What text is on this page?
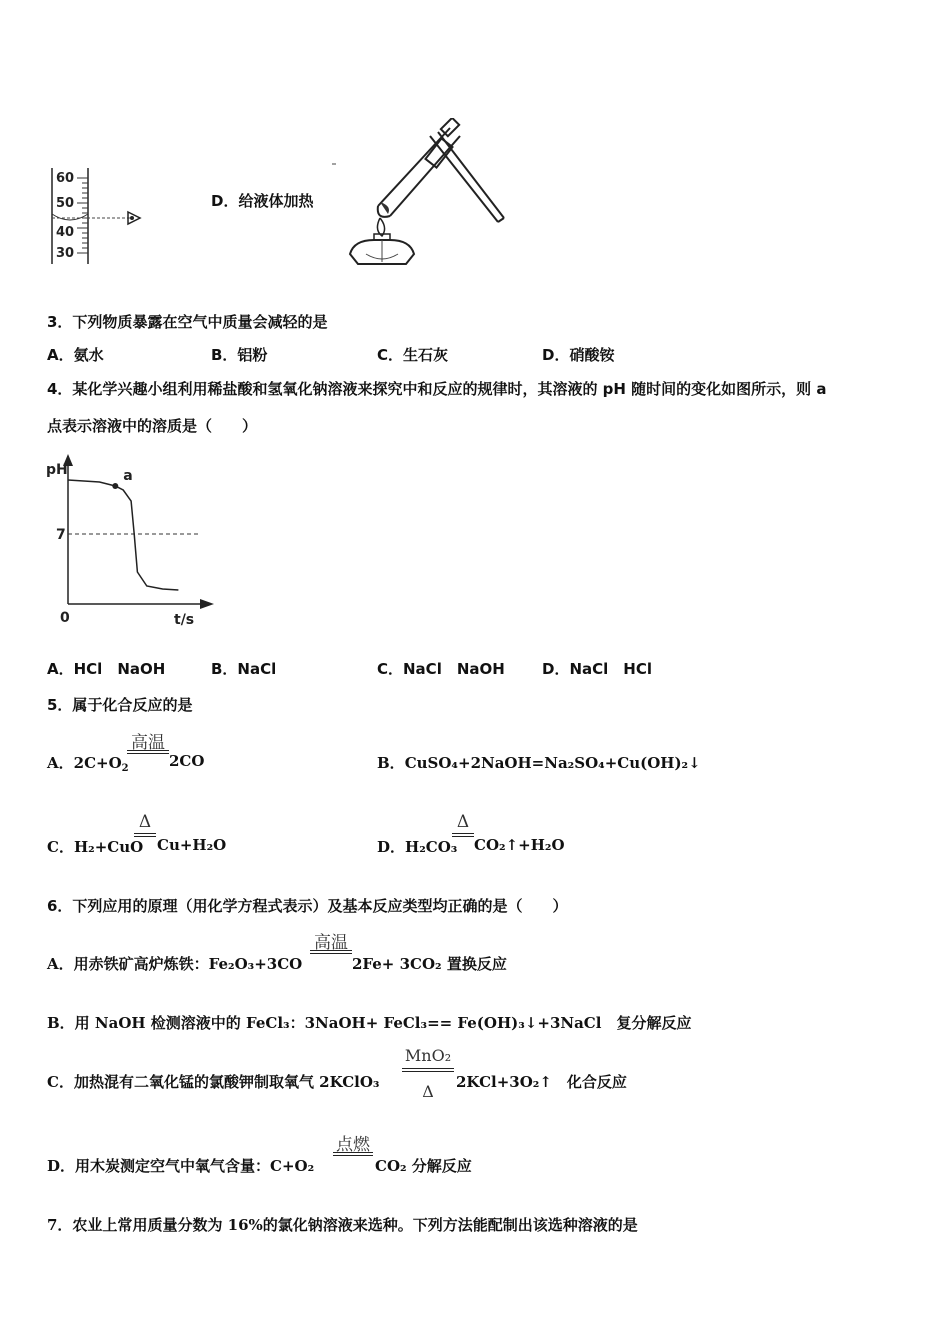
60
50
40
30
D．给液体加热
3．下列物质暴露在空气中质量会减轻的是
A．氨水	B．铝粉	C．生石灰	D．硝酸铵
4．某化学兴趣小组利用稀盐酸和氢氧化钠溶液来探究中和反应的规律时，其溶液的 pH 随时间的变化如图所示，则 a
点表示溶液中的溶质是（　　）
a
pH
7
0	t/s
A．HCl　NaOH	B．NaCl	C．NaCl　NaOH D．NaCl　HCl
5．属于化合反应的是
A．$2C+O_2$
高温
2CO	B．CuSO₄+2NaOH=Na₂SO₄+Cu(OH)₂↓
C．H₂+CuO
Δ
Cu+H₂O	D．H₂CO₃
Δ
CO₂↑+H₂O
6．下列应用的原理（用化学方程式表示）及基本反应类型均正确的是（　　）
A．用赤铁矿高炉炼铁：Fe₂O₃+3CO
高温
2Fe+ 3CO₂ 置换反应
B．用 NaOH 检测溶液中的 FeCl₃：3NaOH+ FeCl₃== Fe(OH)₃↓+3NaCl　复分解反应
C．加热混有二氧化锰的氯酸钾制取氧气 2KClO₃
MnO₂
Δ	2KCl+3O₂↑　化合反应
D．用木炭测定空气中氧气含量：C+O₂
点燃
CO₂ 分解反应
7．农业上常用质量分数为 16%的氯化钠溶液来选种。下列方法能配制出该选种溶液的是
